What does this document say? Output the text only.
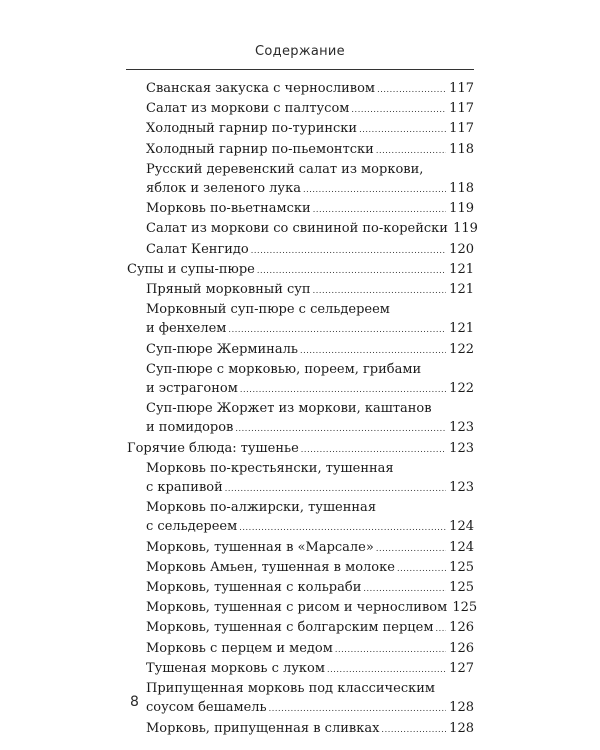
Содержание
Сванская закуска с черносливом .....	117
Салат из моркови с палтусом .....	117
Холодный гарнир по-турински .....	117
Холодный гарнир по-пьемонтски .....	118
Русский деревенский салат из моркови,
яблок и зеленого лука .....	118
Морковь по-вьетнамски .....	119
Салат из моркови со свининой по-корейски 119
Салат Кенгидо .....	120
Супы и супы-пюре .....	121
Пряный морковный суп .....	121
Морковный суп-пюре с сельдереем
и фенхелем .....	121
Суп-пюре Жерминаль .....	122
Суп-пюре с морковью, пореем, грибами
и эстрагоном .....	122
Суп-пюре Жоржет из моркови, каштанов
и помидоров .....	123
Горячие блюда: тушенье .....	123
Морковь по-крестьянски, тушенная
с крапивой .....	123
Морковь по-алжирски, тушенная
с сельдереем .....	124
Морковь, тушенная в «Марсале» .....	124
Морковь Амьен, тушенная в молоке .....	125
Морковь, тушенная с кольраби .....	125
Морковь, тушенная с рисом и черносливом 125
Морковь, тушенная с болгарским перцем ..... 126
Морковь с перцем и медом .....	126
Тушеная морковь с луком .....	127
Припущенная морковь под классическим
соусом бешамель .....	128
Морковь, припущенная в сливках .....	128
8
